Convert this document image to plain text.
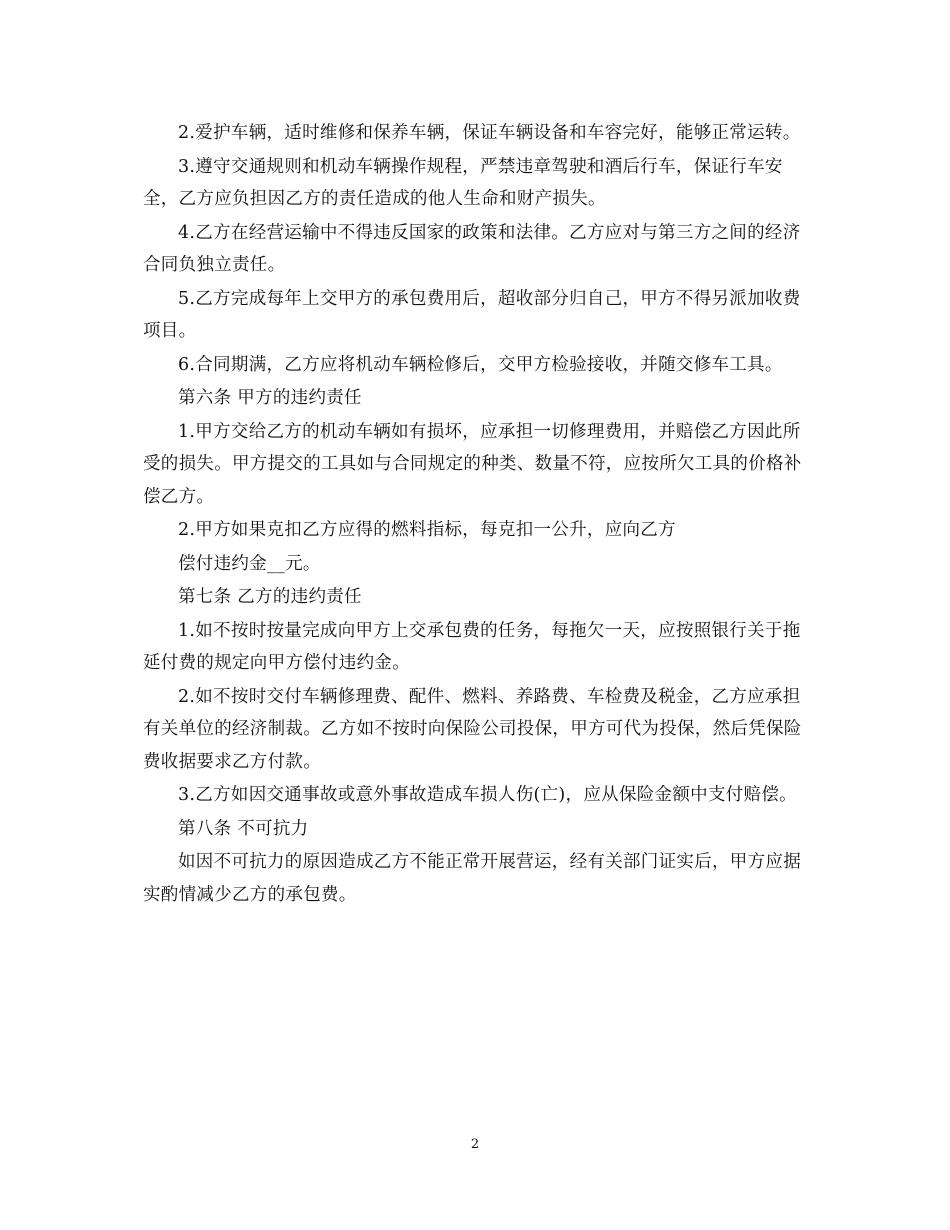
2.爱护车辆，适时维修和保养车辆，保证车辆设备和车容完好，能够正常运转。

3.遵守交通规则和机动车辆操作规程，严禁违章驾驶和酒后行车，保证行车安全，乙方应负担因乙方的责任造成的他人生命和财产损失。

4.乙方在经营运输中不得违反国家的政策和法律。乙方应对与第三方之间的经济合同负独立责任。

5.乙方完成每年上交甲方的承包费用后，超收部分归自己，甲方不得另派加收费项目。

6.合同期满，乙方应将机动车辆检修后，交甲方检验接收，并随交修车工具。

第六条 甲方的违约责任

1.甲方交给乙方的机动车辆如有损坏，应承担一切修理费用，并赔偿乙方因此所受的损失。甲方提交的工具如与合同规定的种类、数量不符，应按所欠工具的价格补偿乙方。

2.甲方如果克扣乙方应得的燃料指标，每克扣一公升，应向乙方

偿付违约金__元。

第七条 乙方的违约责任

1.如不按时按量完成向甲方上交承包费的任务，每拖欠一天，应按照银行关于拖延付费的规定向甲方偿付违约金。

2.如不按时交付车辆修理费、配件、燃料、养路费、车检费及税金，乙方应承担有关单位的经济制裁。乙方如不按时向保险公司投保，甲方可代为投保，然后凭保险费收据要求乙方付款。

3.乙方如因交通事故或意外事故造成车损人伤(亡)，应从保险金额中支付赔偿。

第八条 不可抗力

如因不可抗力的原因造成乙方不能正常开展营运，经有关部门证实后，甲方应据实酌情减少乙方的承包费。

2
